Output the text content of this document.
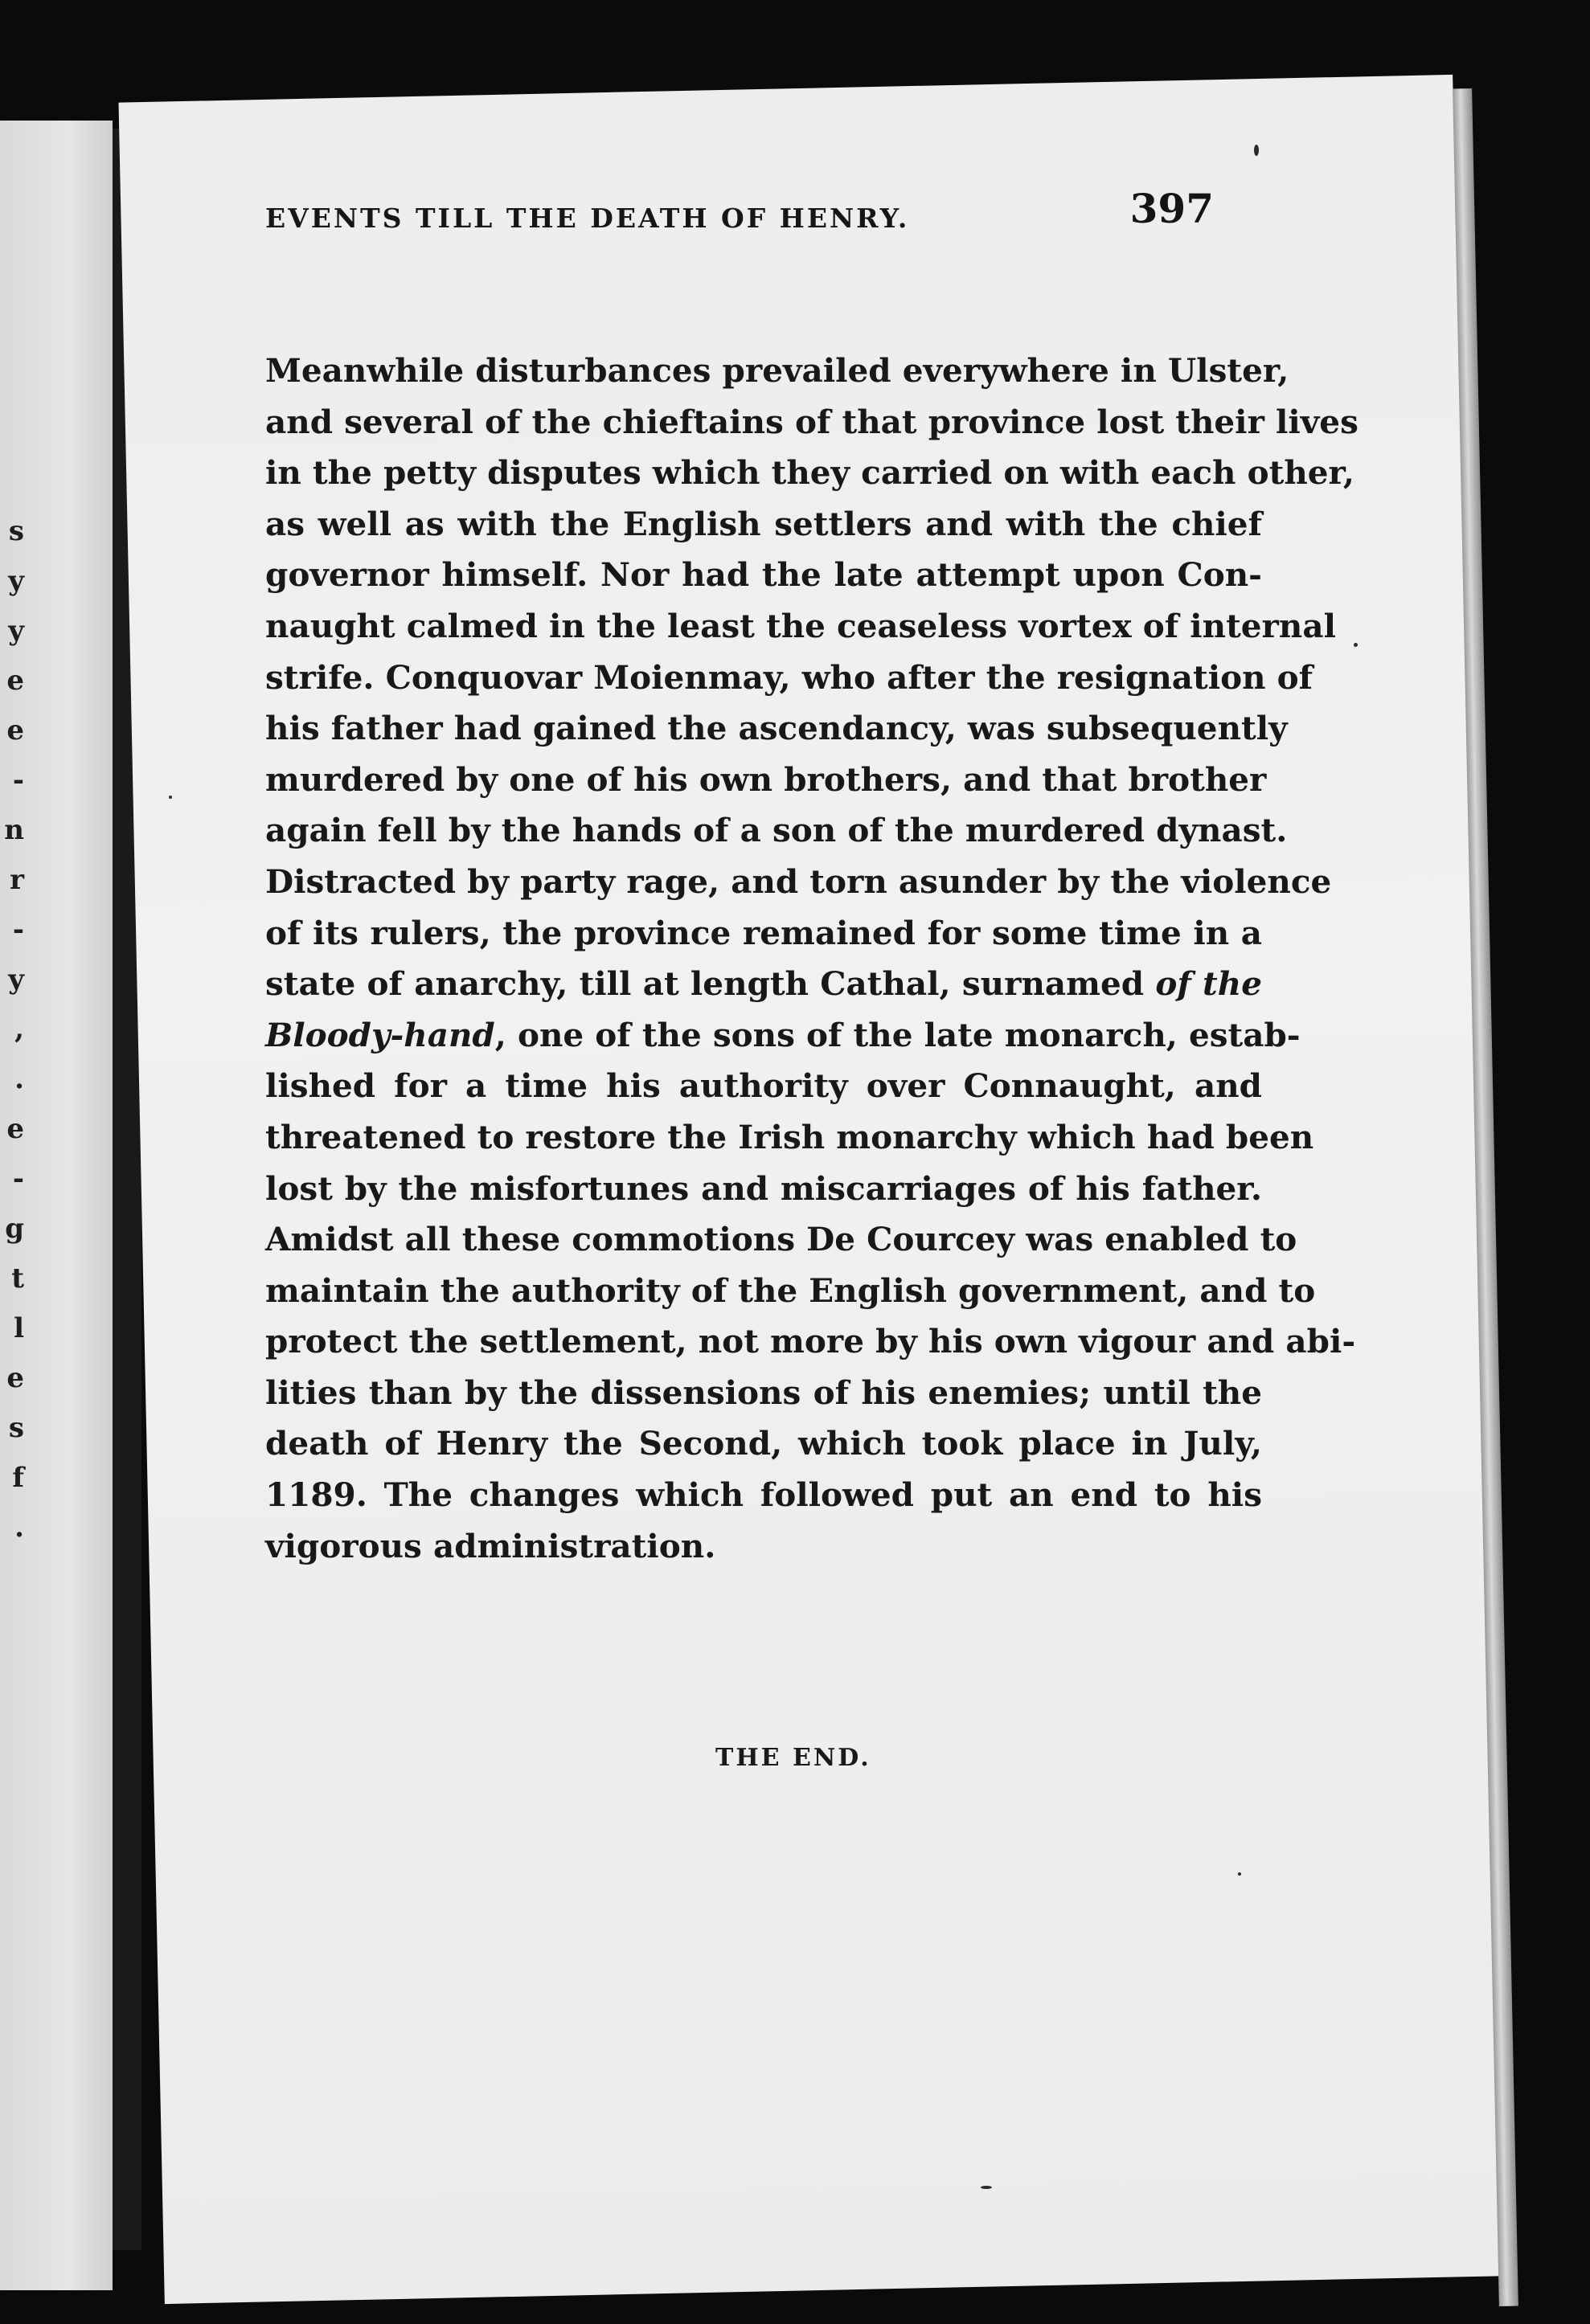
s
y
y
e
e
-
n
r
-
y
,
.
e
-
g
t
l
e
s
f
.
EVENTS TILL THE DEATH OF HENRY.	397
Meanwhile disturbances prevailed everywhere in Ulster,
and several of the chieftains of that province lost their lives
in the petty disputes which they carried on with each other,
as well as with the English settlers and with the chief
governor himself. Nor had the late attempt upon Con-
naught calmed in the least the ceaseless vortex of internal
strife. Conquovar Moienmay, who after the resignation of
his father had gained the ascendancy, was subsequently
murdered by one of his own brothers, and that brother
again fell by the hands of a son of the murdered dynast.
Distracted by party rage, and torn asunder by the violence
of its rulers, the province remained for some time in a
state of anarchy, till at length Cathal, surnamed of the
Bloody-hand, one of the sons of the late monarch, estab-
lished for a time his authority over Connaught, and
threatened to restore the Irish monarchy which had been
lost by the misfortunes and miscarriages of his father.
Amidst all these commotions De Courcey was enabled to
maintain the authority of the English government, and to
protect the settlement, not more by his own vigour and abi-
lities than by the dissensions of his enemies; until the
death of Henry the Second, which took place in July,
1189. The changes which followed put an end to his
vigorous administration.
THE END.
